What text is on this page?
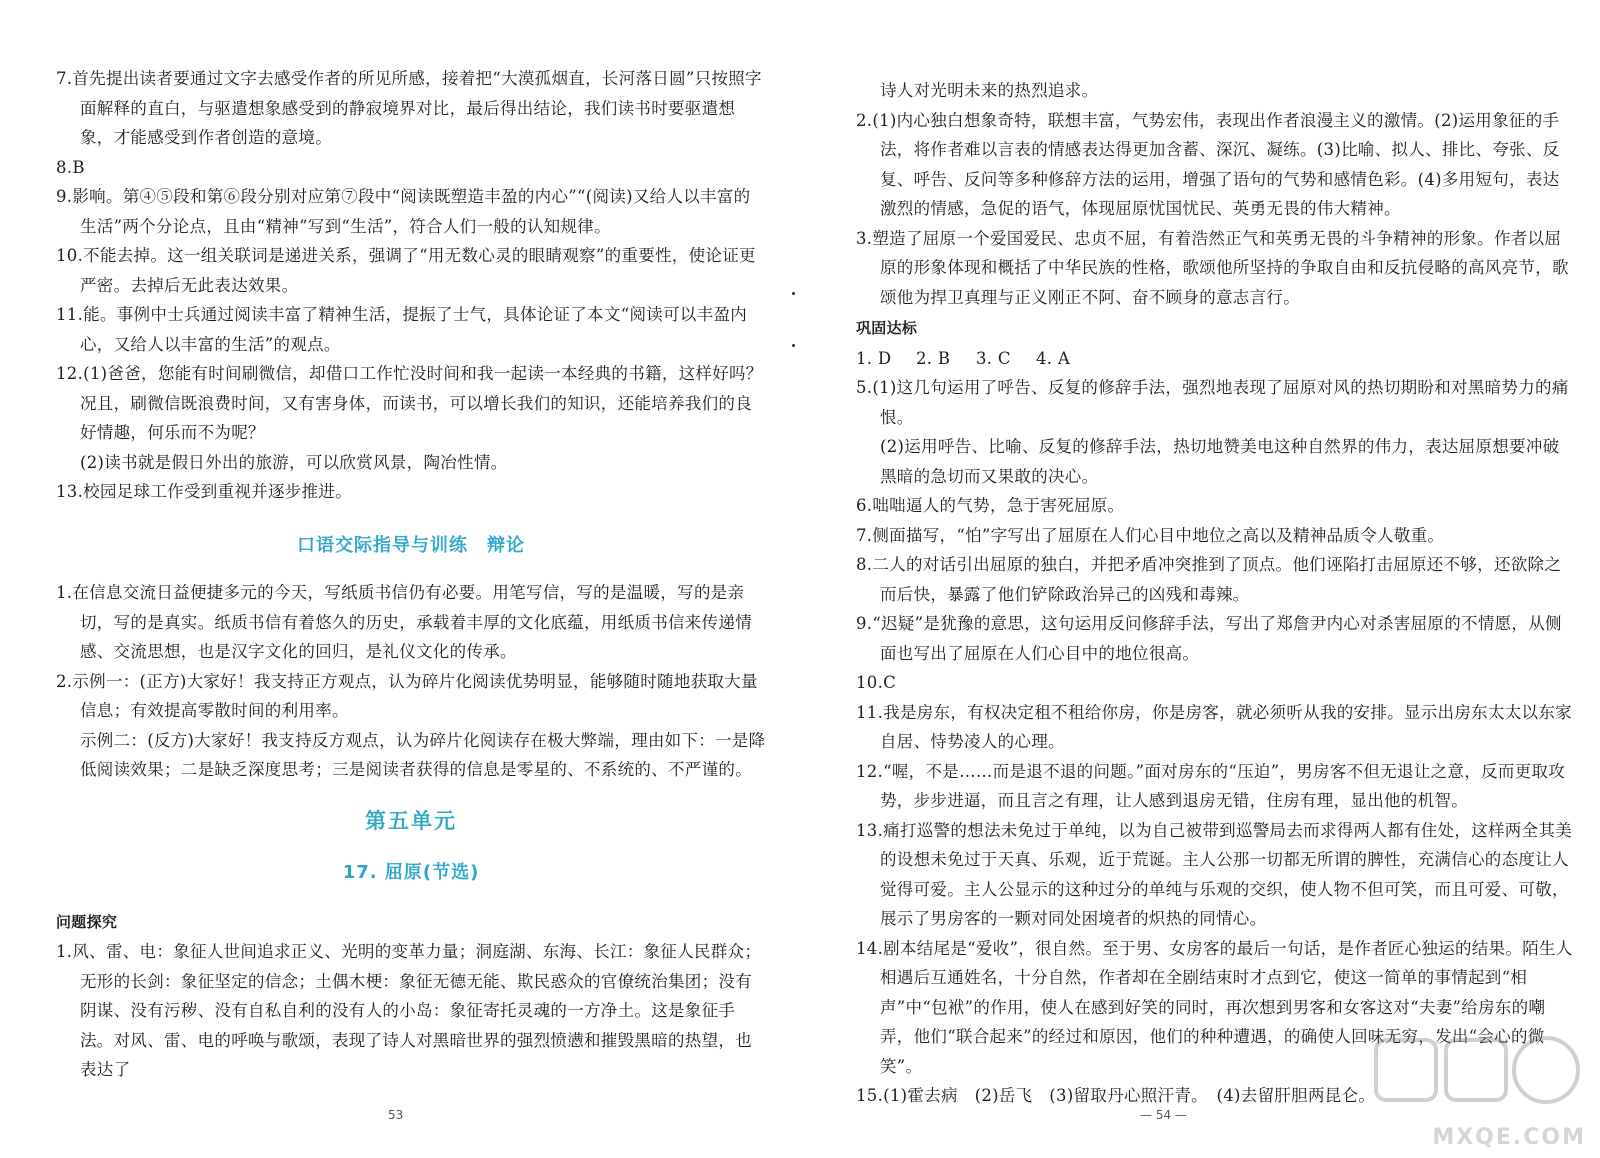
7.首先提出读者要通过文字去感受作者的所见所感，接着把“大漠孤烟直，长河落日圆”只按照字面解释的直白，与驱遣想象感受到的静寂境界对比，最后得出结论，我们读书时要驱遣想象，才能感受到作者创造的意境。

8.B

9.影响。第④⑤段和第⑥段分别对应第⑦段中“阅读既塑造丰盈的内心”“(阅读)又给人以丰富的生活”两个分论点，且由“精神”写到“生活”，符合人们一般的认知规律。

10.不能去掉。这一组关联词是递进关系，强调了“用无数心灵的眼睛观察”的重要性，使论证更严密。去掉后无此表达效果。

11.能。事例中士兵通过阅读丰富了精神生活，提振了士气，具体论证了本文“阅读可以丰盈内心，又给人以丰富的生活”的观点。

12.(1)爸爸，您能有时间刷微信，却借口工作忙没时间和我一起读一本经典的书籍，这样好吗？况且，刷微信既浪费时间，又有害身体，而读书，可以增长我们的知识，还能培养我们的良好情趣，何乐而不为呢？

(2)读书就是假日外出的旅游，可以欣赏风景，陶冶性情。

13.校园足球工作受到重视并逐步推进。

口语交际指导与训练　辩论

1.在信息交流日益便捷多元的今天，写纸质书信仍有必要。用笔写信，写的是温暖，写的是亲切，写的是真实。纸质书信有着悠久的历史，承载着丰厚的文化底蕴，用纸质书信来传递情感、交流思想，也是汉字文化的回归，是礼仪文化的传承。

2.示例一：(正方)大家好！我支持正方观点，认为碎片化阅读优势明显，能够随时随地获取大量信息；有效提高零散时间的利用率。

示例二：(反方)大家好！我支持反方观点，认为碎片化阅读存在极大弊端，理由如下：一是降低阅读效果；二是缺乏深度思考；三是阅读者获得的信息是零星的、不系统的、不严谨的。

第五单元

17. 屈原(节选)

问题探究

1.风、雷、电：象征人世间追求正义、光明的变革力量；洞庭湖、东海、长江：象征人民群众；无形的长剑：象征坚定的信念；土偶木梗：象征无德无能、欺民惑众的官僚统治集团；没有阴谋、没有污秽、没有自私自利的没有人的小岛：象征寄托灵魂的一方净土。这是象征手法。对风、雷、电的呼唤与歌颂，表现了诗人对黑暗世界的强烈愤懑和摧毁黑暗的热望，也表达了

53

诗人对光明未来的热烈追求。

2.(1)内心独白想象奇特，联想丰富，气势宏伟，表现出作者浪漫主义的激情。(2)运用象征的手法，将作者难以言表的情感表达得更加含蓄、深沉、凝练。(3)比喻、拟人、排比、夸张、反复、呼告、反问等多种修辞方法的运用，增强了语句的气势和感情色彩。(4)多用短句，表达激烈的情感，急促的语气，体现屈原忧国忧民、英勇无畏的伟大精神。

3.塑造了屈原一个爱国爱民、忠贞不屈，有着浩然正气和英勇无畏的斗争精神的形象。作者以屈原的形象体现和概括了中华民族的性格，歌颂他所坚持的争取自由和反抗侵略的高风亮节，歌颂他为捍卫真理与正义刚正不阿、奋不顾身的意志言行。

巩固达标

1. D 2. B 3. C 4. A

5.(1)这几句运用了呼告、反复的修辞手法，强烈地表现了屈原对风的热切期盼和对黑暗势力的痛恨。

(2)运用呼告、比喻、反复的修辞手法，热切地赞美电这种自然界的伟力，表达屈原想要冲破黑暗的急切而又果敢的决心。

6.咄咄逼人的气势，急于害死屈原。

7.侧面描写，“怕”字写出了屈原在人们心目中地位之高以及精神品质令人敬重。

8.二人的对话引出屈原的独白，并把矛盾冲突推到了顶点。他们诬陷打击屈原还不够，还欲除之而后快，暴露了他们铲除政治异己的凶残和毒辣。

9.“迟疑”是犹豫的意思，这句运用反问修辞手法，写出了郑詹尹内心对杀害屈原的不情愿，从侧面也写出了屈原在人们心目中的地位很高。

10.C

11.我是房东，有权决定租不租给你房，你是房客，就必须听从我的安排。显示出房东太太以东家自居、恃势凌人的心理。

12.“喔，不是……而是退不退的问题。”面对房东的“压迫”，男房客不但无退让之意，反而更取攻势，步步进逼，而且言之有理，让人感到退房无错，住房有理，显出他的机智。

13.痛打巡警的想法未免过于单纯，以为自己被带到巡警局去而求得两人都有住处，这样两全其美的设想未免过于天真、乐观，近于荒诞。主人公那一切都无所谓的脾性，充满信心的态度让人觉得可爱。主人公显示的这种过分的单纯与乐观的交织，使人物不但可笑，而且可爱、可敬，展示了男房客的一颗对同处困境者的炽热的同情心。

14.剧本结尾是“爱收”，很自然。至于男、女房客的最后一句话，是作者匠心独运的结果。陌生人相遇后互通姓名，十分自然，作者却在全剧结束时才点到它，使这一简单的事情起到“相声”中“包袱”的作用，使人在感到好笑的同时，再次想到男客和女客这对“夫妻”给房东的嘲弄，他们“联合起来”的经过和原因，他们的种种遭遇，的确使人回味无穷，发出“会心的微笑”。

15.(1)霍去病　(2)岳飞　(3)留取丹心照汗青。　(4)去留肝胆两昆仑。

— 54 —
MXQE.COM
